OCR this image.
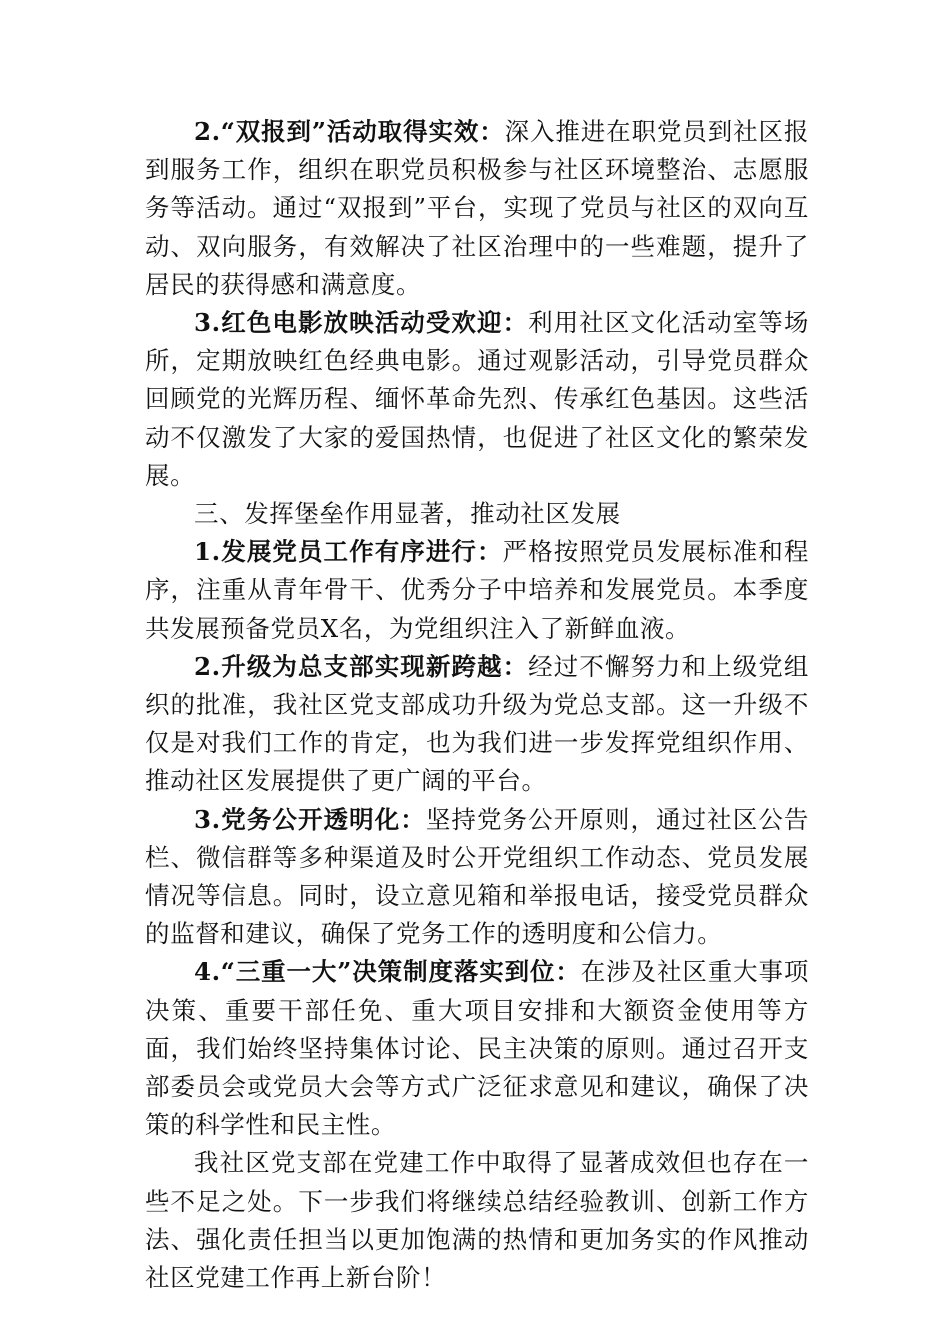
2.“双报到”活动取得实效：深入推进在职党员到社区报到服务工作，组织在职党员积极参与社区环境整治、志愿服务等活动。通过“双报到”平台，实现了党员与社区的双向互动、双向服务，有效解决了社区治理中的一些难题，提升了居民的获得感和满意度。

3.红色电影放映活动受欢迎：利用社区文化活动室等场所，定期放映红色经典电影。通过观影活动，引导党员群众回顾党的光辉历程、缅怀革命先烈、传承红色基因。这些活动不仅激发了大家的爱国热情，也促进了社区文化的繁荣发展。

三、发挥堡垒作用显著，推动社区发展

1.发展党员工作有序进行：严格按照党员发展标准和程序，注重从青年骨干、优秀分子中培养和发展党员。本季度共发展预备党员X名，为党组织注入了新鲜血液。

2.升级为总支部实现新跨越：经过不懈努力和上级党组织的批准，我社区党支部成功升级为党总支部。这一升级不仅是对我们工作的肯定，也为我们进一步发挥党组织作用、推动社区发展提供了更广阔的平台。

3.党务公开透明化：坚持党务公开原则，通过社区公告栏、微信群等多种渠道及时公开党组织工作动态、党员发展情况等信息。同时，设立意见箱和举报电话，接受党员群众的监督和建议，确保了党务工作的透明度和公信力。

4.“三重一大”决策制度落实到位：在涉及社区重大事项决策、重要干部任免、重大项目安排和大额资金使用等方面，我们始终坚持集体讨论、民主决策的原则。通过召开支部委员会或党员大会等方式广泛征求意见和建议，确保了决策的科学性和民主性。

我社区党支部在党建工作中取得了显著成效但也存在一些不足之处。下一步我们将继续总结经验教训、创新工作方法、强化责任担当以更加饱满的热情和更加务实的作风推动社区党建工作再上新台阶！
